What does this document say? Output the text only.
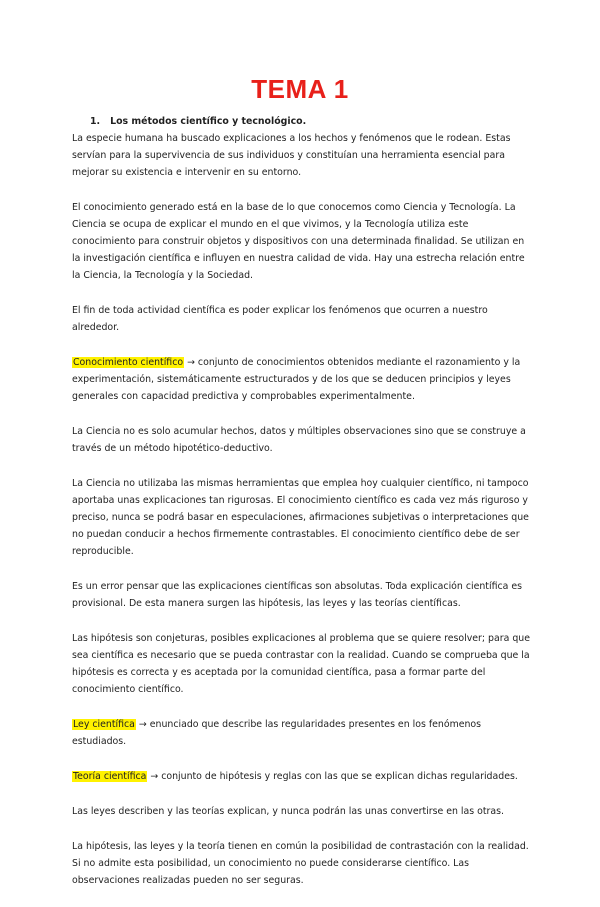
TEMA 1
1. Los métodos científico y tecnológico.

La especie humana ha buscado explicaciones a los hechos y fenómenos que le rodean. Estas servían para la supervivencia de sus individuos y constituían una herramienta esencial para mejorar su existencia e intervenir en su entorno.

El conocimiento generado está en la base de lo que conocemos como Ciencia y Tecnología. La Ciencia se ocupa de explicar el mundo en el que vivimos, y la Tecnología utiliza este conocimiento para construir objetos y dispositivos con una determinada finalidad. Se utilizan en la investigación científica e influyen en nuestra calidad de vida. Hay una estrecha relación entre la Ciencia, la Tecnología y la Sociedad.

El fin de toda actividad científica es poder explicar los fenómenos que ocurren a nuestro alrededor.

Conocimiento científico → conjunto de conocimientos obtenidos mediante el razonamiento y la experimentación, sistemáticamente estructurados y de los que se deducen principios y leyes generales con capacidad predictiva y comprobables experimentalmente.

La Ciencia no es solo acumular hechos, datos y múltiples observaciones sino que se construye a través de un método hipotético-deductivo.

La Ciencia no utilizaba las mismas herramientas que emplea hoy cualquier científico, ni tampoco aportaba unas explicaciones tan rigurosas. El conocimiento científico es cada vez más riguroso y preciso, nunca se podrá basar en especulaciones, afirmaciones subjetivas o interpretaciones que no puedan conducir a hechos firmemente contrastables. El conocimiento científico debe de ser reproducible.

Es un error pensar que las explicaciones científicas son absolutas. Toda explicación científica es provisional. De esta manera surgen las hipótesis, las leyes y las teorías científicas.

Las hipótesis son conjeturas, posibles explicaciones al problema que se quiere resolver; para que sea científica es necesario que se pueda contrastar con la realidad. Cuando se comprueba que la hipótesis es correcta y es aceptada por la comunidad científica, pasa a formar parte del conocimiento científico.

Ley científica → enunciado que describe las regularidades presentes en los fenómenos estudiados.

Teoría científica → conjunto de hipótesis y reglas con las que se explican dichas regularidades.

Las leyes describen y las teorías explican, y nunca podrán las unas convertirse en las otras.

La hipótesis, las leyes y la teoría tienen en común la posibilidad de contrastación con la realidad. Si no admite esta posibilidad, un conocimiento no puede considerarse científico. Las observaciones realizadas pueden no ser seguras.
